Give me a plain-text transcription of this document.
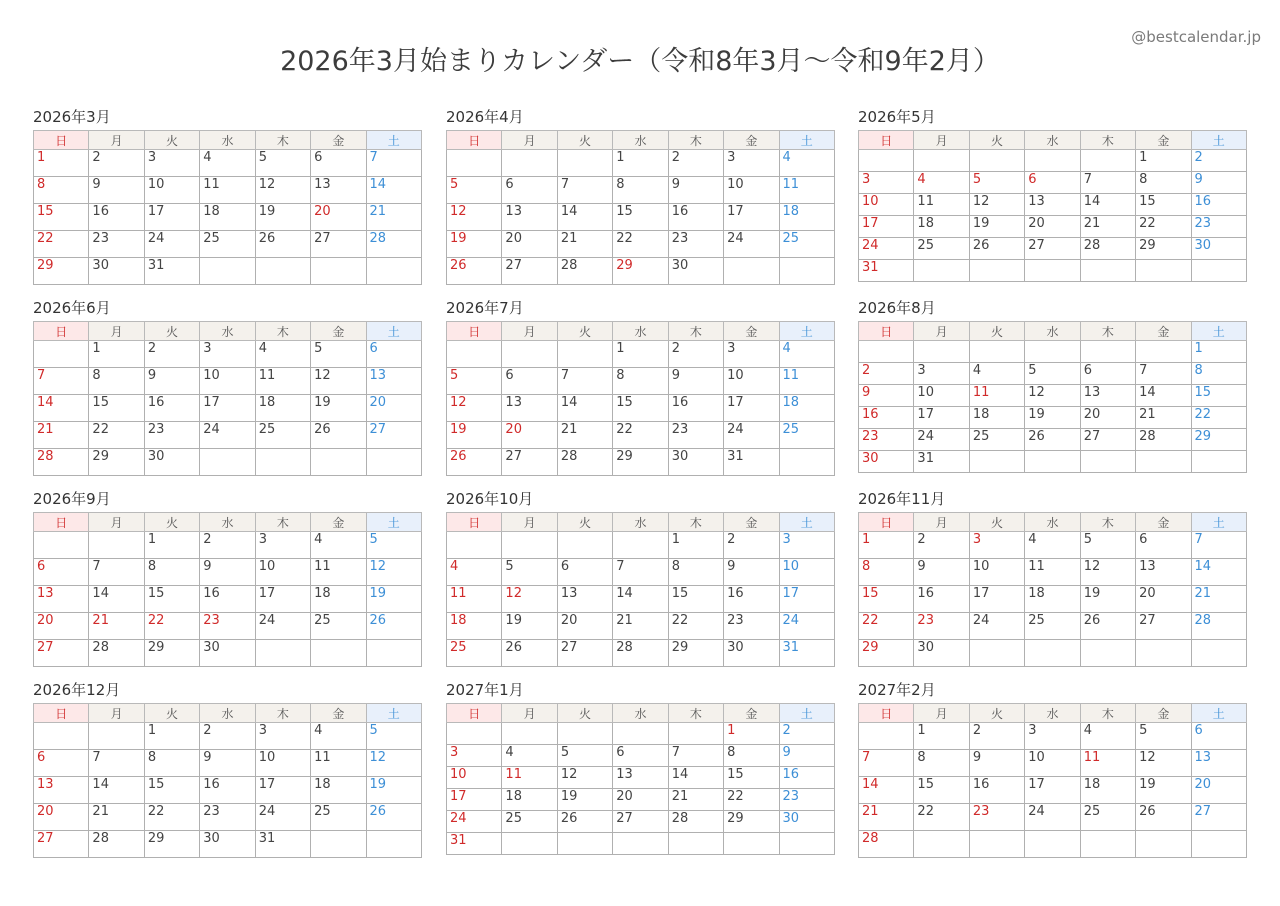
2026年3月始まりカレンダー（令和8年3月〜令和9年2月）
@bestcalendar.jp
2026年3月
日	月	火	水	木	金	土
1	2	3	4	5	6	7
8	9	10	11	12	13	14
15	16	17	18	19	20	21
22	23	24	25	26	27	28
29	30	31				
2026年4月
日	月	火	水	木	金	土
			1	2	3	4
5	6	7	8	9	10	11
12	13	14	15	16	17	18
19	20	21	22	23	24	25
26	27	28	29	30		
2026年5月
日	月	火	水	木	金	土
					1	2
3	4	5	6	7	8	9
10	11	12	13	14	15	16
17	18	19	20	21	22	23
24	25	26	27	28	29	30
31						
2026年6月
日	月	火	水	木	金	土
	1	2	3	4	5	6
7	8	9	10	11	12	13
14	15	16	17	18	19	20
21	22	23	24	25	26	27
28	29	30				
2026年7月
日	月	火	水	木	金	土
			1	2	3	4
5	6	7	8	9	10	11
12	13	14	15	16	17	18
19	20	21	22	23	24	25
26	27	28	29	30	31	
2026年8月
日	月	火	水	木	金	土
						1
2	3	4	5	6	7	8
9	10	11	12	13	14	15
16	17	18	19	20	21	22
23	24	25	26	27	28	29
30	31					
2026年9月
日	月	火	水	木	金	土
		1	2	3	4	5
6	7	8	9	10	11	12
13	14	15	16	17	18	19
20	21	22	23	24	25	26
27	28	29	30			
2026年10月
日	月	火	水	木	金	土
				1	2	3
4	5	6	7	8	9	10
11	12	13	14	15	16	17
18	19	20	21	22	23	24
25	26	27	28	29	30	31
2026年11月
日	月	火	水	木	金	土
1	2	3	4	5	6	7
8	9	10	11	12	13	14
15	16	17	18	19	20	21
22	23	24	25	26	27	28
29	30					
2026年12月
日	月	火	水	木	金	土
		1	2	3	4	5
6	7	8	9	10	11	12
13	14	15	16	17	18	19
20	21	22	23	24	25	26
27	28	29	30	31		
2027年1月
日	月	火	水	木	金	土
					1	2
3	4	5	6	7	8	9
10	11	12	13	14	15	16
17	18	19	20	21	22	23
24	25	26	27	28	29	30
31						
2027年2月
日	月	火	水	木	金	土
	1	2	3	4	5	6
7	8	9	10	11	12	13
14	15	16	17	18	19	20
21	22	23	24	25	26	27
28						
